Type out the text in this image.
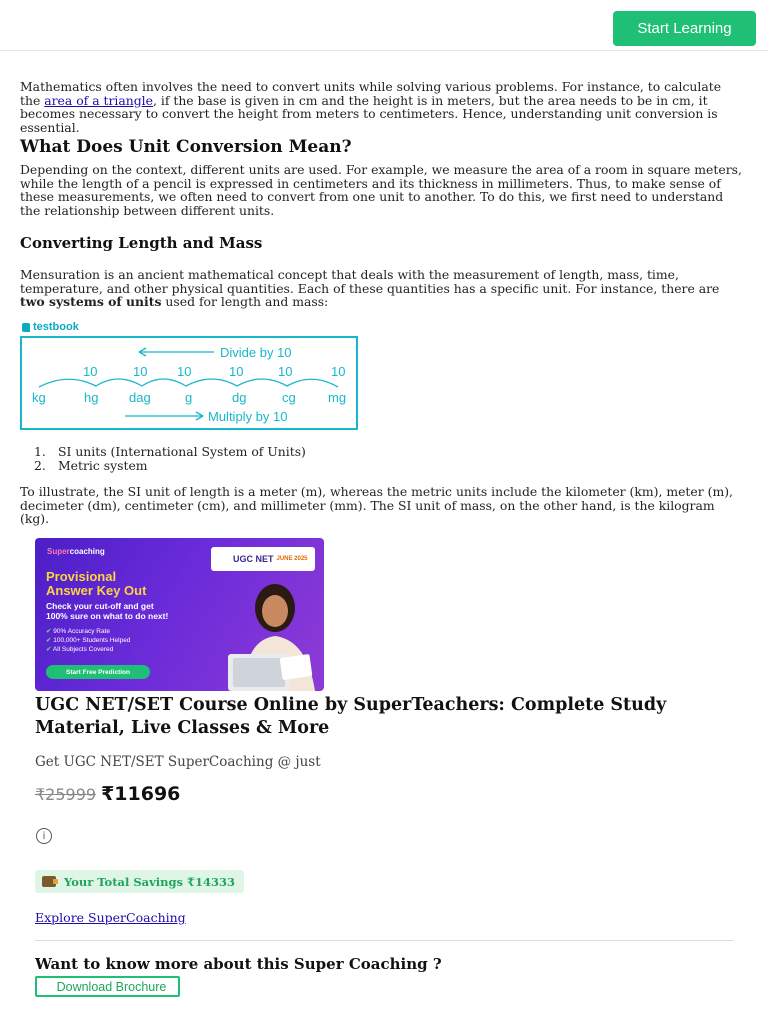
Start Learning

Mathematics often involves the need to convert units while solving various problems. For instance, to calculate the area of a triangle, if the base is given in cm and the height is in meters, but the area needs to be in cm, it becomes necessary to convert the height from meters to centimeters. Hence, understanding unit conversion is essential.

What Does Unit Conversion Mean?

Depending on the context, different units are used. For example, we measure the area of a room in square meters, while the length of a pencil is expressed in centimeters and its thickness in millimeters. Thus, to make sense of these measurements, we often need to convert from one unit to another. To do this, we first need to understand the relationship between different units.

Converting Length and Mass

Mensuration is an ancient mathematical concept that deals with the measurement of length, mass, time, temperature, and other physical quantities. Each of these quantities has a specific unit. For instance, there are two systems of units used for length and mass:

testbook
Divide by 10
10	10 10	10	10	10
kg	hg dag	g	dg	cg mg
Multiply by 10
1. SI units (International System of Units)
2. Metric system

To illustrate, the SI unit of length is a meter (m), whereas the metric units include the kilometer (km), meter (m), decimeter (dm), centimeter (cm), and millimeter (mm). The SI unit of mass, on the other hand, is the kilogram (kg).

Supercoaching
UGC NET JUNE 2025
Provisional
Answer Key Out
Check your cut-off and get
100% sure on what to do next!
✔ 90% Accuracy Rate
✔ 100,000+ Students Helped
✔ All Subjects Covered
Start Free Prediction
UGC NET/SET Course Online by SuperTeachers: Complete Study Material, Live Classes & More
Get UGC NET/SET SuperCoaching @ just
₹25999 ₹11696
i
Your Total Savings ₹14333
Explore SuperCoaching
Want to know more about this Super Coaching ?
Download Brochure
